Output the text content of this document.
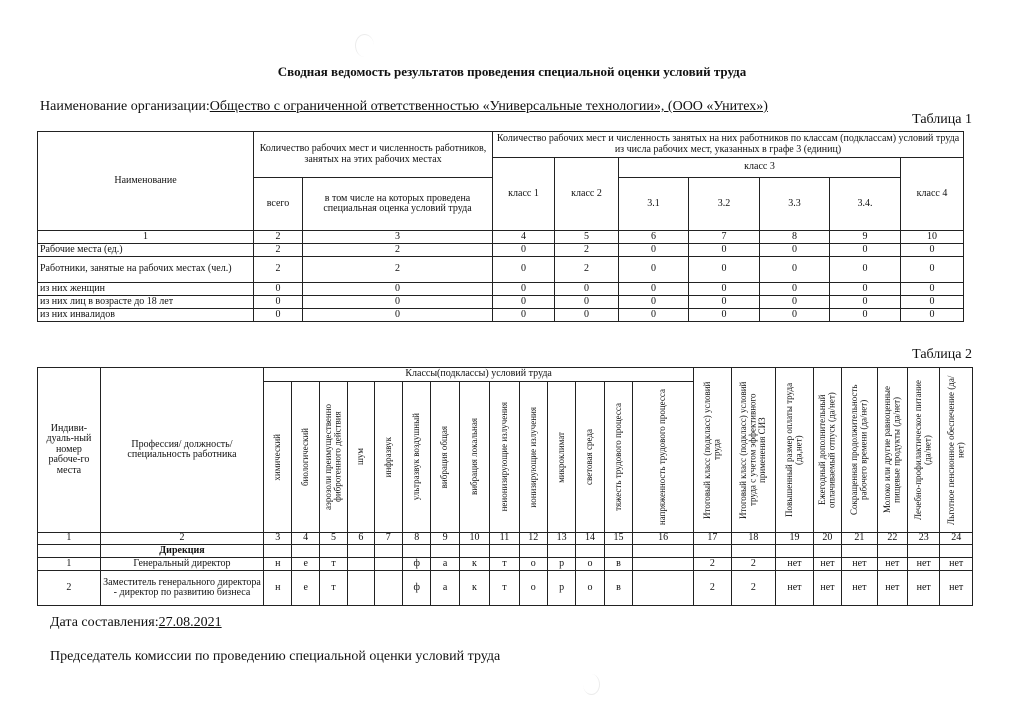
Сводная ведомость результатов проведения специальной оценки условий труда
Наименование организации:Общество с ограниченной ответственностью «Универсальные технологии», (ООО «Унитех»)
Таблица 1
Наименование	Количество рабочих мест и численность работников, занятых на этих рабочих местах		Количество рабочих мест и численность занятых на них работников по классам (подклассам) условий труда из числа рабочих мест, указанных в графе 3 (единиц)						
			класс 1	класс 2	класс 3				класс 4
	всего	в том числе на которых проведена специальная оценка условий труда			3.1	3.2	3.3	3.4.	
1	2	3	4	5	6	7	8	9	10
Рабочие места (ед.)	2	2	0	2	0	0	0	0	0
Работники, занятые на рабочих местах (чел.)	2	2	0	2	0	0	0	0	0
из них женщин	0	0	0	0	0	0	0	0	0
из них лиц в возрасте до 18 лет	0	0	0	0	0	0	0	0	0
из них инвалидов	0	0	0	0	0	0	0	0	0
Таблица 2
Индиви-дуаль-ный номер рабоче-го места	Профессия/ должность/ специальность работника	Классы(подклассы) условий труда														Итоговый класс (подкласс) условий труда	Итоговый класс (подкласс) условий труда с учетом эффективного применения СИЗ	Повышенный размер оплаты труда (да,нет)	Ежегодный дополнительный оплачиваемый отпуск (да/нет)	Сокращенная продолжительность рабочего времени (да/нет)	Молоко или другие равноценные пищевые продукты (да/нет)	Лечебно-профилактическое питание (да/нет)	Льготное пенсионное обеспечение (да/нет)

		химический	биологический	аэрозоли преимущественно фиброгенного действия	шум	инфразвук	ультразвук воздушный	вибрация общая	вибрация локальная	неионизирующие излучения	ионизирующие излучения	микроклимат	световая среда	тяжесть трудового процесса	напряженность трудового процесса								

1	2	3	4	5	6	7	8	9	10	11	12	13	14	15	16	17	18	19	20	21	22	23	24
	Дирекция																						
1	Генеральный директор	н	е	т			ф	а	к	т	о	р	о	в		2	2	нет	нет	нет	нет	нет	нет
2	Заместитель генерального директора - директор по развитию бизнеса	н	е	т			ф	а	к	т	о	р	о	в		2	2	нет	нет	нет	нет	нет	нет
Дата составления:27.08.2021
Председатель комиссии по проведению специальной оценки условий труда
